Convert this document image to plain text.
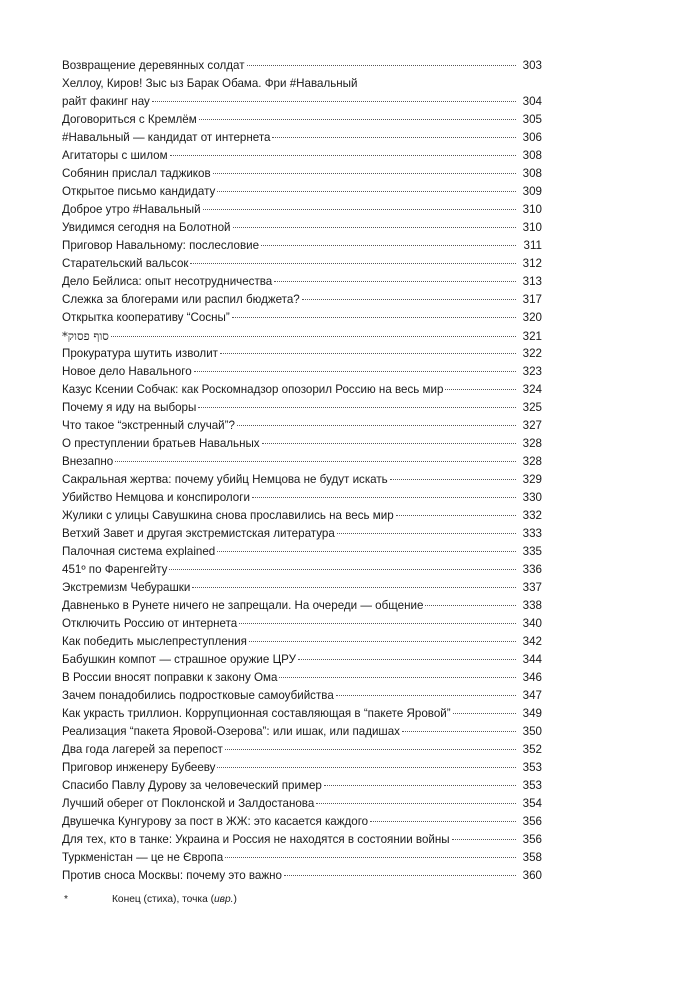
Возвращение деревянных солдат	303
Хеллоу, Киров! Зыс ыз Барак Обама. Фри #Навальный
райт факинг нау	304
Договориться с Кремлём	305
#Навальный — кандидат от интернета	306
Агитаторы с шилом	308
Собянин прислал таджиков	308
Открытое письмо кандидату	309
Доброе утро #Навальный	310
Увидимся сегодня на Болотной	310
Приговор Навальному: послесловие	311
Старательский вальсок	312
Дело Бейлиса: опыт несотрудничества	313
Слежка за блогерами или распил бюджета?	317
Открытка кооперативу “Сосны”	320
סוף פסוק*	321
Прокуратура шутить изволит	322
Новое дело Навального	323
Казус Ксении Собчак: как Роскомнадзор опозорил Россию на весь мир	324
Почему я иду на выборы	325
Что такое “экстренный случай”?	327
О преступлении братьев Навальных	328
Внезапно	328
Сакральная жертва: почему убийц Немцова не будут искать	329
Убийство Немцова и конспирологи	330
Жулики с улицы Савушкина снова прославились на весь мир	332
Ветхий Завет и другая экстремистская литература	333
Палочная система explained	335
451º по Фаренгейту	336
Экстремизм Чебурашки	337
Давненько в Рунете ничего не запрещали. На очереди — общение	338
Отключить Россию от интернета	340
Как победить мыслепреступления	342
Бабушкин компот — страшное оружие ЦРУ	344
В России вносят поправки к закону Ома	346
Зачем понадобились подростковые самоубийства	347
Как украсть триллион. Коррупционная составляющая в “пакете Яровой”	349
Реализация “пакета Яровой-Озерова”: или ишак, или падишах	350
Два года лагерей за перепост	352
Приговор инженеру Бубееву	353
Спасибо Павлу Дурову за человеческий пример	353
Лучший оберег от Поклонской и Залдостанова	354
Двушечка Кунгурову за пост в ЖЖ: это касается каждого	356
Для тех, кто в танке: Украина и Россия не находятся в состоянии войны	356
Туркменістан — це не Європа	358
Против сноса Москвы: почему это важно	360
*	Конец (стиха), точка (ивр.)
